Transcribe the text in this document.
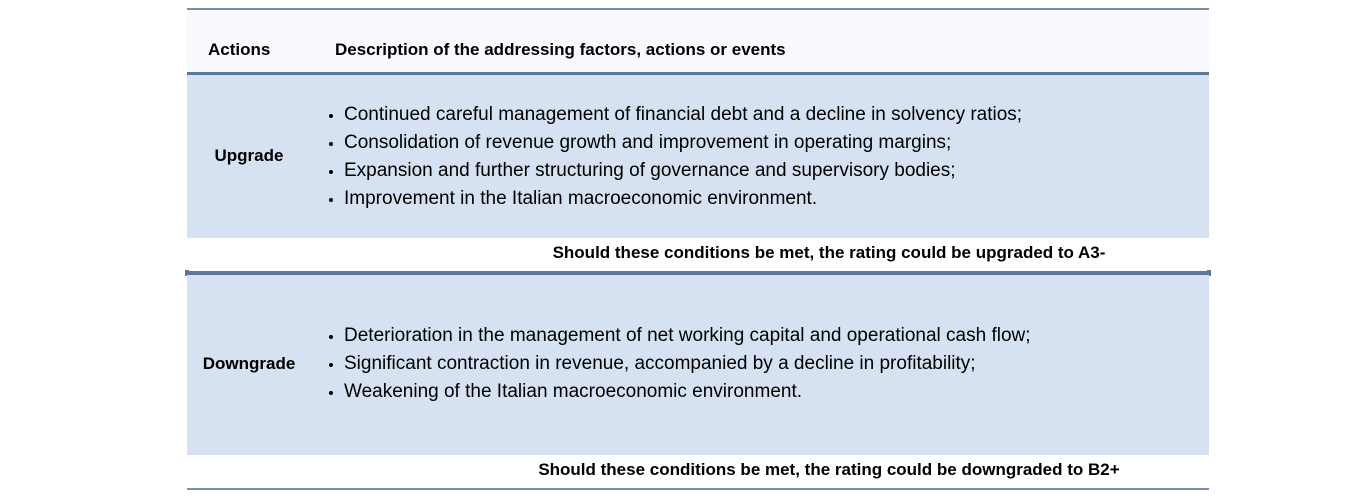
Actions	Description of the addressing factors, actions or events
Upgrade
• Continued careful management of financial debt and a decline in solvency ratios;
• Consolidation of revenue growth and improvement in operating margins;
• Expansion and further structuring of governance and supervisory bodies;
• Improvement in the Italian macroeconomic environment.
Should these conditions be met, the rating could be upgraded to A3-
Downgrade
• Deterioration in the management of net working capital and operational cash flow;
• Significant contraction in revenue, accompanied by a decline in profitability;
• Weakening of the Italian macroeconomic environment.
Should these conditions be met, the rating could be downgraded to B2+
